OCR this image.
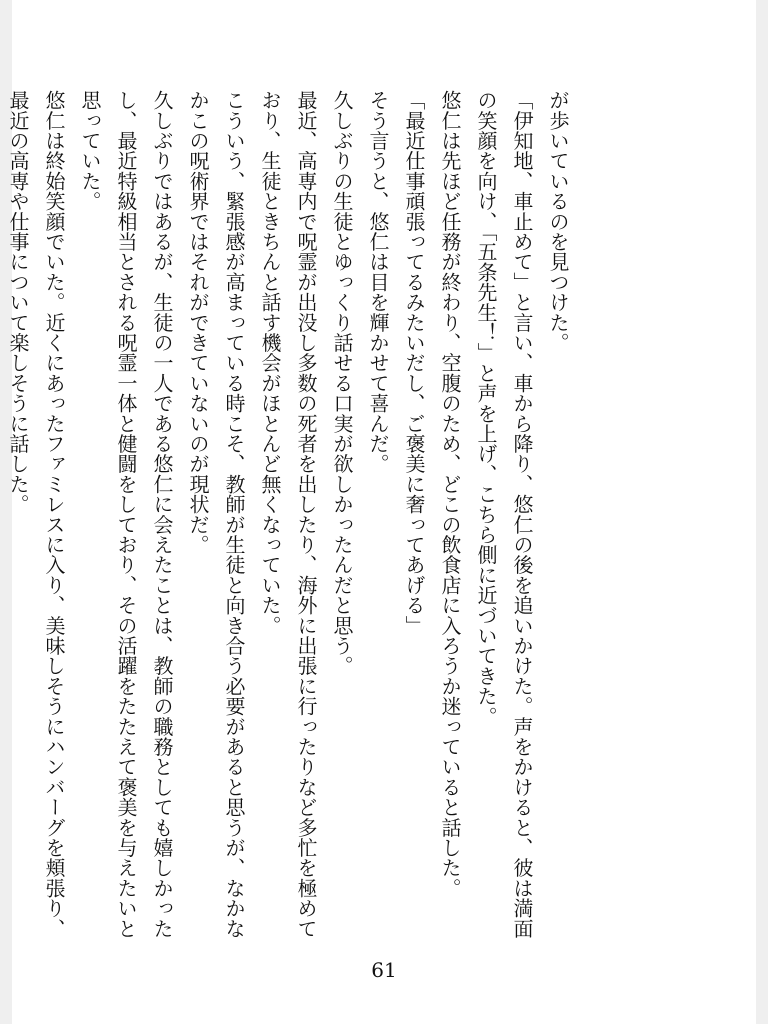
が歩いているのを見つけた。

「伊知地、車止めて」と言い、車から降り、悠仁の後を追いかけた。声をかけると、彼は満面の笑顔を向け、「五条先生！」と声を上げ、こちら側に近づいてきた。

悠仁は先ほど任務が終わり、空腹のため、どこの飲食店に入ろうか迷っていると話した。

「最近仕事頑張ってるみたいだし、ご褒美に奢ってあげる」

そう言うと、悠仁は目を輝かせて喜んだ。

久しぶりの生徒とゆっくり話せる口実が欲しかったんだと思う。

最近、高専内で呪霊が出没し多数の死者を出したり、海外に出張に行ったりなど多忙を極めており、生徒ときちんと話す機会がほとんど無くなっていた。

こういう、緊張感が高まっている時こそ、教師が生徒と向き合う必要があると思うが、なかなかこの呪術界ではそれができていないのが現状だ。

久しぶりではあるが、生徒の一人である悠仁に会えたことは、教師の職務としても嬉しかったし、最近特級相当とされる呪霊一体と健闘をしており、その活躍をたたえて褒美を与えたいと思っていた。

悠仁は終始笑顔でいた。近くにあったファミレスに入り、美味しそうにハンバーグを頬張り、最近の高専や仕事について楽しそうに話した。

61
